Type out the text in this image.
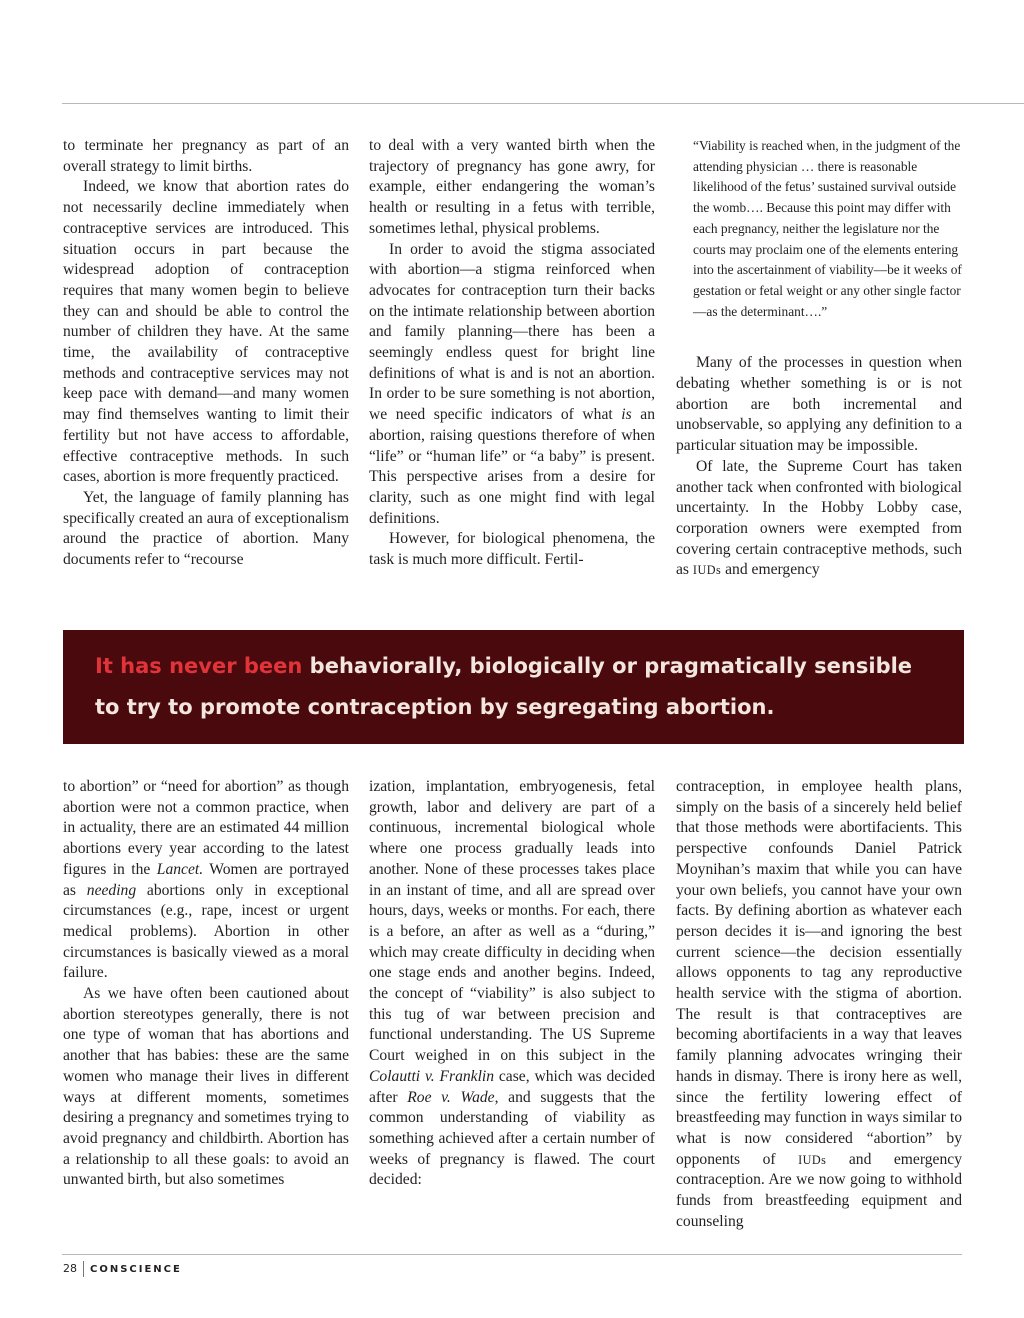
to terminate her pregnancy as part of an overall strategy to limit births.

Indeed, we know that abortion rates do not necessarily decline immediately when contraceptive services are introduced. This situation occurs in part because the widespread adoption of contraception requires that many women begin to believe they can and should be able to control the number of children they have. At the same time, the availability of contraceptive methods and contraceptive services may not keep pace with demand—and many women may find themselves wanting to limit their fertility but not have access to affordable, effective contraceptive methods. In such cases, abortion is more frequently practiced.

Yet, the language of family planning has specifically created an aura of exceptionalism around the practice of abortion. Many documents refer to “recourse

to deal with a very wanted birth when the trajectory of pregnancy has gone awry, for example, either endangering the woman’s health or resulting in a fetus with terrible, sometimes lethal, physical problems.

In order to avoid the stigma associated with abortion—a stigma reinforced when advocates for contraception turn their backs on the intimate relationship between abortion and family planning—there has been a seemingly endless quest for bright line definitions of what is and is not an abortion. In order to be sure something is not abortion, we need specific indicators of what is an abortion, raising questions therefore of when “life” or “human life” or “a baby” is present. This perspective arises from a desire for clarity, such as one might find with legal definitions.

However, for biological phenomena, the task is much more difficult. Fertil-

“Viability is reached when, in the judgment of the attending physician … there is reasonable likelihood of the fetus’ sustained survival outside the womb…. Because this point may differ with each pregnancy, neither the legislature nor the courts may proclaim one of the elements entering into the ascertainment of viability—be it weeks of gestation or fetal weight or any other single factor—as the determinant….”

Many of the processes in question when debating whether something is or is not abortion are both incremental and unobservable, so applying any definition to a particular situation may be impossible.

Of late, the Supreme Court has taken another tack when confronted with biological uncertainty. In the Hobby Lobby case, corporation owners were exempted from covering certain contraceptive methods, such as IUDs and emergency

It has never been behaviorally, biologically or pragmatically sensible to try to promote contraception by segregating abortion.

to abortion” or “need for abortion” as though abortion were not a common practice, when in actuality, there are an estimated 44 million abortions every year according to the latest figures in the Lancet. Women are portrayed as needing abortions only in exceptional circumstances (e.g., rape, incest or urgent medical problems). Abortion in other circumstances is basically viewed as a moral failure.

As we have often been cautioned about abortion stereotypes generally, there is not one type of woman that has abortions and another that has babies: these are the same women who manage their lives in different ways at different moments, sometimes desiring a pregnancy and sometimes trying to avoid pregnancy and childbirth. Abortion has a relationship to all these goals: to avoid an unwanted birth, but also sometimes

ization, implantation, embryogenesis, fetal growth, labor and delivery are part of a continuous, incremental biological whole where one process gradually leads into another. None of these processes takes place in an instant of time, and all are spread over hours, days, weeks or months. For each, there is a before, an after as well as a “during,” which may create difficulty in deciding when one stage ends and another begins. Indeed, the concept of “viability” is also subject to this tug of war between precision and functional understanding. The US Supreme Court weighed in on this subject in the Colautti v. Franklin case, which was decided after Roe v. Wade, and suggests that the common understanding of viability as something achieved after a certain number of weeks of pregnancy is flawed. The court decided:

contraception, in employee health plans, simply on the basis of a sincerely held belief that those methods were abortifacients. This perspective confounds Daniel Patrick Moynihan’s maxim that while you can have your own beliefs, you cannot have your own facts. By defining abortion as whatever each person decides it is—and ignoring the best current science—the decision essentially allows opponents to tag any reproductive health service with the stigma of abortion. The result is that contraceptives are becoming abortifacients in a way that leaves family planning advocates wringing their hands in dismay. There is irony here as well, since the fertility lowering effect of breastfeeding may function in ways similar to what is now considered “abortion” by opponents of IUDs and emergency contraception. Are we now going to withhold funds from breastfeeding equipment and counseling

28 CONSCIENCE
